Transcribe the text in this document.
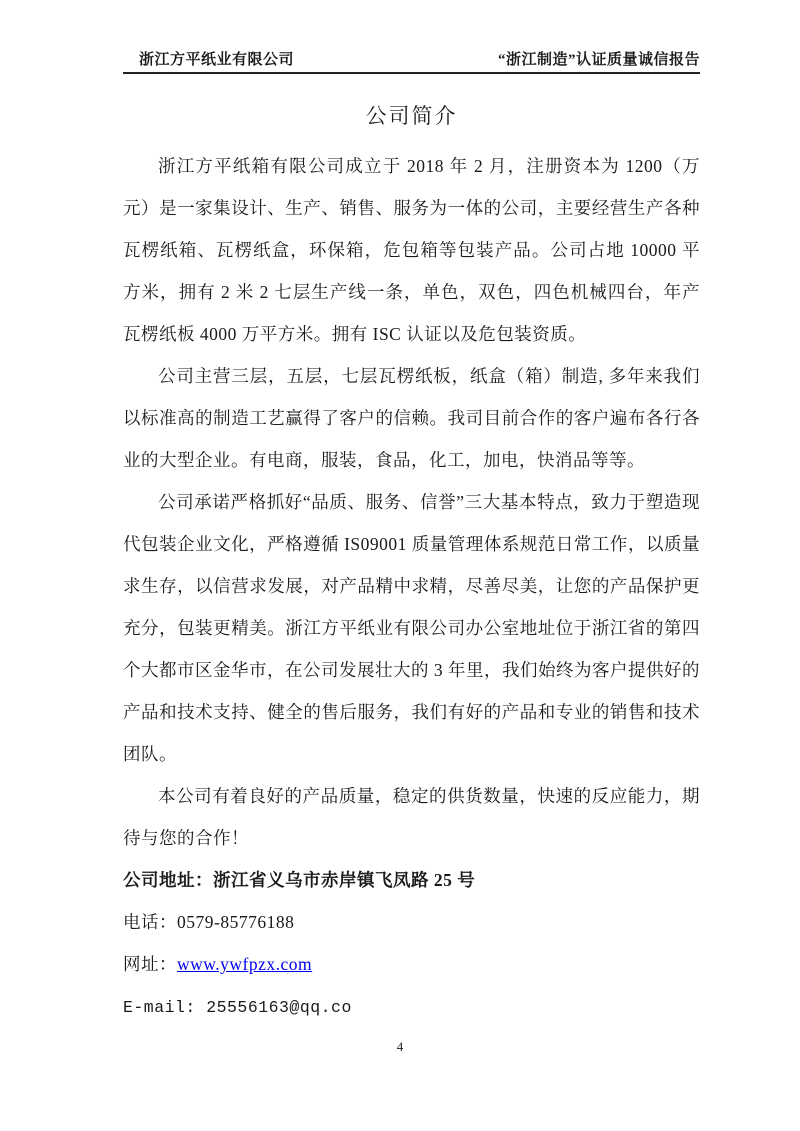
浙江方平纸业有限公司	“浙江制造”认证质量诚信报告
公司简介

浙江方平纸箱有限公司成立于 2018 年 2 月，注册资本为 1200（万元）是一家集设计、生产、销售、服务为一体的公司，主要经营生产各种瓦楞纸箱、瓦楞纸盒，环保箱，危包箱等包装产品。公司占地 10000 平方米，拥有 2 米 2 七层生产线一条，单色，双色，四色机械四台，年产瓦楞纸板 4000 万平方米。拥有 ISC 认证以及危包装资质。

公司主营三层，五层，七层瓦楞纸板，纸盒（箱）制造, 多年来我们以标准高的制造工艺赢得了客户的信赖。我司目前合作的客户遍布各行各业的大型企业。有电商，服装，食品，化工，加电，快消品等等。

公司承诺严格抓好“品质、服务、信誉”三大基本特点，致力于塑造现代包装企业文化，严格遵循 IS09001 质量管理体系规范日常工作，以质量求生存，以信营求发展，对产品精中求精，尽善尽美，让您的产品保护更充分，包装更精美。浙江方平纸业有限公司办公室地址位于浙江省的第四个大都市区金华市，在公司发展壮大的 3 年里，我们始终为客户提供好的产品和技术支持、健全的售后服务，我们有好的产品和专业的销售和技术团队。

本公司有着良好的产品质量，稳定的供货数量，快速的反应能力，期待与您的合作！

公司地址：浙江省义乌市赤岸镇飞凤路 25 号
电话：0579-85776188
网址：www.ywfpzx.com
E-mail: 25556163@qq.co
4
